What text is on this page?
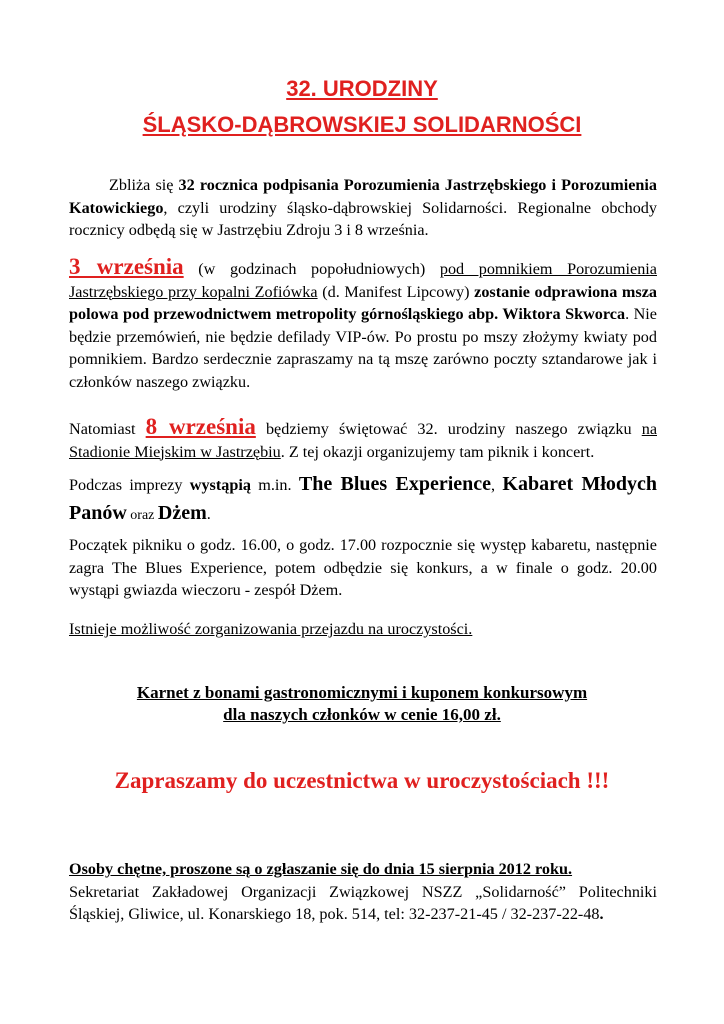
32. URODZINY
ŚLĄSKO-DĄBROWSKIEJ SOLIDARNOŚCI

Zbliża się 32 rocznica podpisania Porozumienia Jastrzębskiego i Porozumienia Katowickiego, czyli urodziny śląsko-dąbrowskiej Solidarności. Regionalne obchody rocznicy odbędą się w Jastrzębiu Zdroju 3 i 8 września.

3 września (w godzinach popołudniowych) pod pomnikiem Porozumienia Jastrzębskiego przy kopalni Zofiówka (d. Manifest Lipcowy) zostanie odprawiona msza polowa pod przewodnictwem metropolity górnośląskiego abp. Wiktora Skworca. Nie będzie przemówień, nie będzie defilady VIP-ów. Po prostu po mszy złożymy kwiaty pod pomnikiem. Bardzo serdecznie zapraszamy na tą mszę zarówno poczty sztandarowe jak i członków naszego związku.

Natomiast 8 września będziemy świętować 32. urodziny naszego związku na Stadionie Miejskim w Jastrzębiu. Z tej okazji organizujemy tam piknik i koncert.

Podczas imprezy wystąpią m.in. The Blues Experience, Kabaret Młodych Panów oraz Dżem.

Początek pikniku o godz. 16.00, o godz. 17.00 rozpocznie się występ kabaretu, następnie zagra The Blues Experience, potem odbędzie się konkurs, a w finale o godz. 20.00 wystąpi gwiazda wieczoru - zespół Dżem.

Istnieje możliwość zorganizowania przejazdu na uroczystości.

Karnet z bonami gastronomicznymi i kuponem konkursowym
dla naszych członków w cenie 16,00 zł.
Zapraszamy do uczestnictwa w uroczystościach !!!

Osoby chętne, proszone są o zgłaszanie się do dnia 15 sierpnia 2012 roku.
Sekretariat Zakładowej Organizacji Związkowej NSZZ „Solidarność” Politechniki Śląskiej, Gliwice, ul. Konarskiego 18, pok. 514, tel: 32-237-21-45 / 32-237-22-48.
